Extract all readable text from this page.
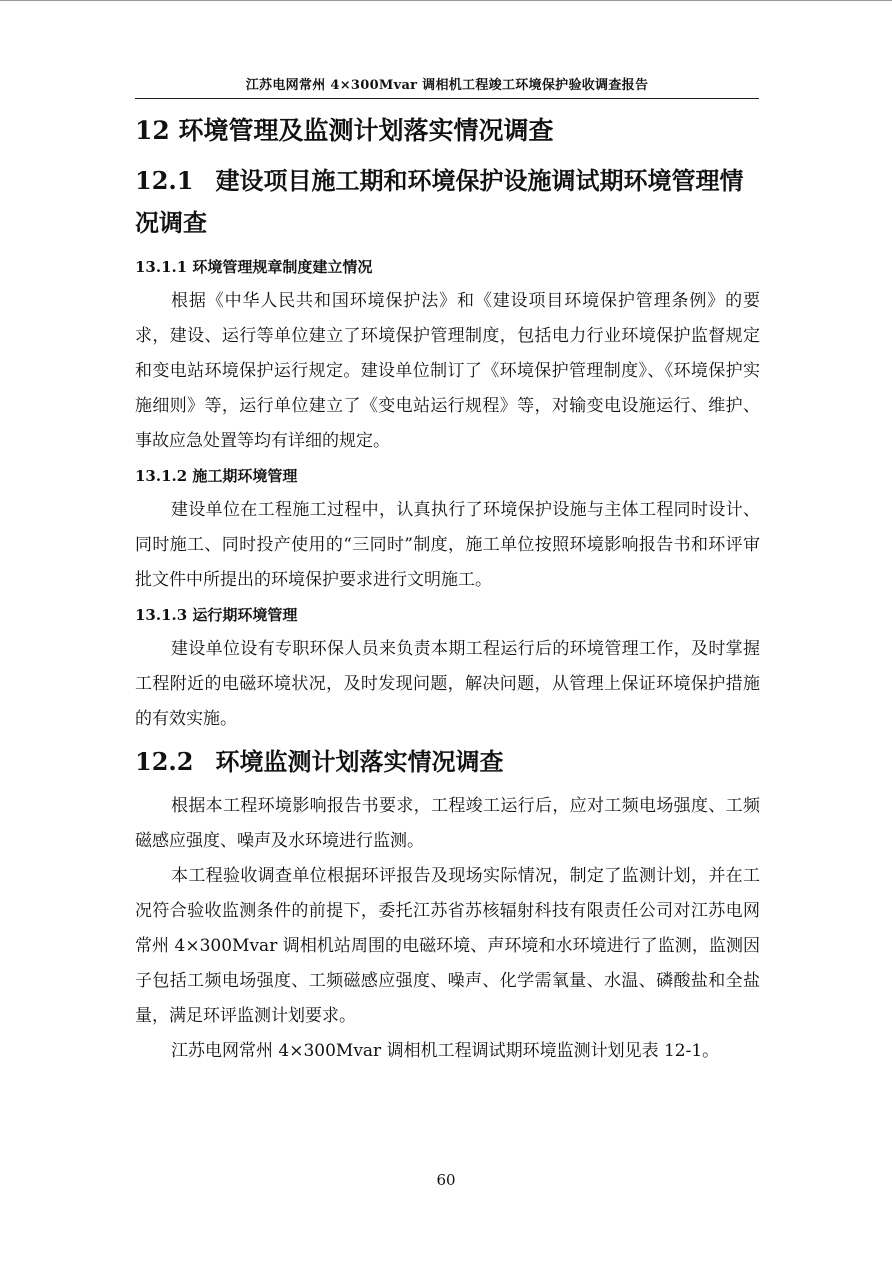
江苏电网常州 4×300Mvar 调相机工程竣工环境保护验收调查报告
12 环境管理及监测计划落实情况调查
12.1 建设项目施工期和环境保护设施调试期环境管理情况调查
13.1.1 环境管理规章制度建立情况

根据《中华人民共和国环境保护法》和《建设项目环境保护管理条例》的要求，建设、运行等单位建立了环境保护管理制度，包括电力行业环境保护监督规定和变电站环境保护运行规定。建设单位制订了《环境保护管理制度》、《环境保护实施细则》等，运行单位建立了《变电站运行规程》等，对输变电设施运行、维护、事故应急处置等均有详细的规定。

13.1.2 施工期环境管理

建设单位在工程施工过程中，认真执行了环境保护设施与主体工程同时设计、同时施工、同时投产使用的“三同时”制度，施工单位按照环境影响报告书和环评审批文件中所提出的环境保护要求进行文明施工。

13.1.3 运行期环境管理

建设单位设有专职环保人员来负责本期工程运行后的环境管理工作，及时掌握工程附近的电磁环境状况，及时发现问题，解决问题，从管理上保证环境保护措施的有效实施。

12.2 环境监测计划落实情况调查

根据本工程环境影响报告书要求，工程竣工运行后，应对工频电场强度、工频磁感应强度、噪声及水环境进行监测。

本工程验收调查单位根据环评报告及现场实际情况，制定了监测计划，并在工况符合验收监测条件的前提下，委托江苏省苏核辐射科技有限责任公司对江苏电网常州 4×300Mvar 调相机站周围的电磁环境、声环境和水环境进行了监测，监测因子包括工频电场强度、工频磁感应强度、噪声、化学需氧量、水温、磷酸盐和全盐量，满足环评监测计划要求。

江苏电网常州 4×300Mvar 调相机工程调试期环境监测计划见表 12-1。

60
